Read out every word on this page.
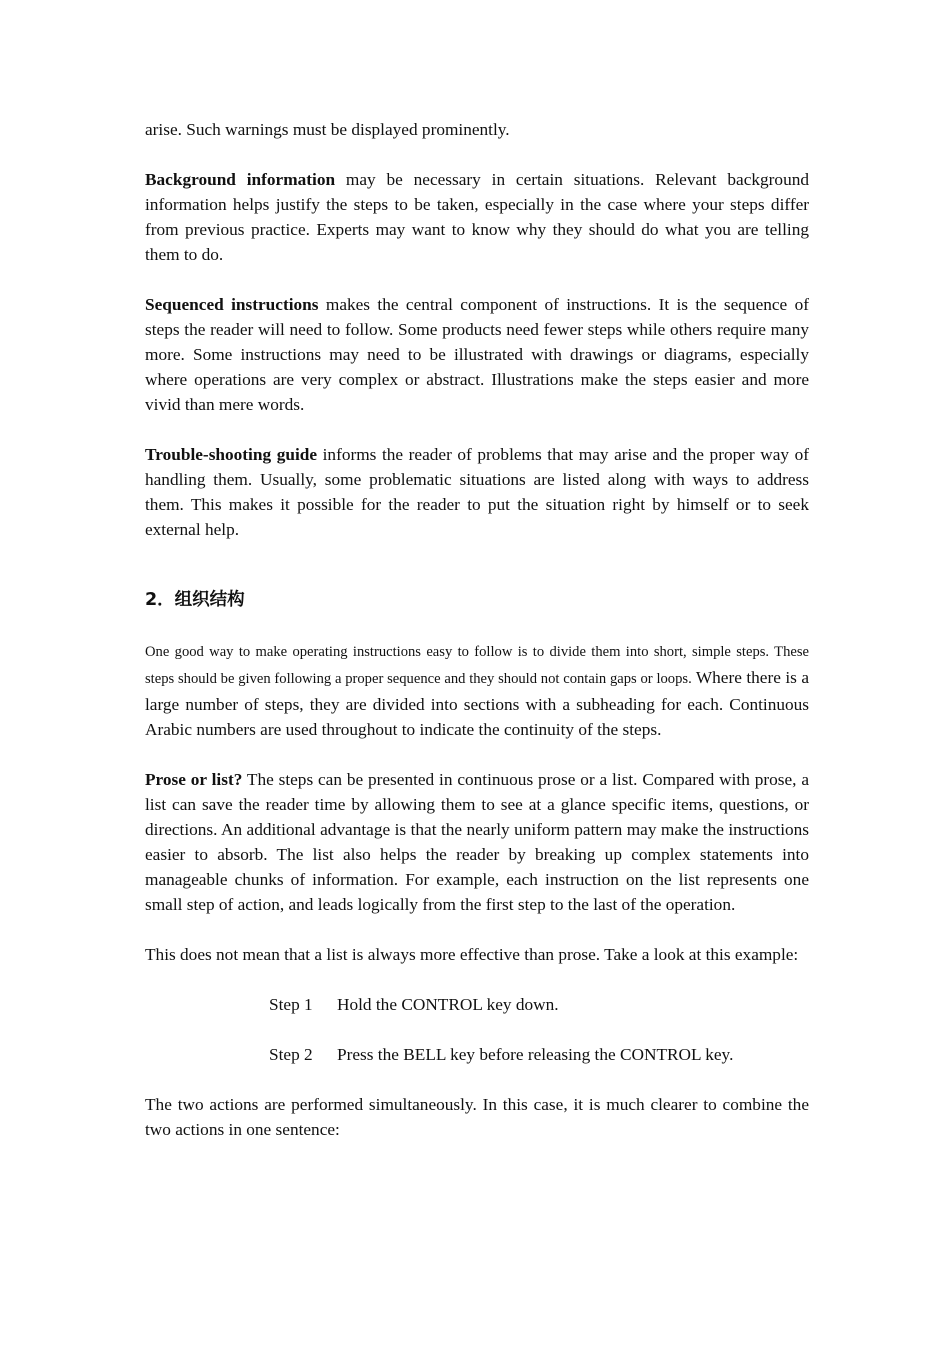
arise. Such warnings must be displayed prominently.

Background information may be necessary in certain situations. Relevant background information helps justify the steps to be taken, especially in the case where your steps differ from previous practice. Experts may want to know why they should do what you are telling them to do.

Sequenced instructions makes the central component of instructions. It is the sequence of steps the reader will need to follow. Some products need fewer steps while others require many more. Some instructions may need to be illustrated with drawings or diagrams, especially where operations are very complex or abstract. Illustrations make the steps easier and more vivid than mere words.

Trouble-shooting guide informs the reader of problems that may arise and the proper way of handling them. Usually, some problematic situations are listed along with ways to address them. This makes it possible for the reader to put the situation right by himself or to seek external help.

2．组织结构

One good way to make operating instructions easy to follow is to divide them into short, simple steps. These steps should be given following a proper sequence and they should not contain gaps or loops. Where there is a large number of steps, they are divided into sections with a subheading for each. Continuous Arabic numbers are used throughout to indicate the continuity of the steps.

Prose or list? The steps can be presented in continuous prose or a list. Compared with prose, a list can save the reader time by allowing them to see at a glance specific items, questions, or directions. An additional advantage is that the nearly uniform pattern may make the instructions easier to absorb. The list also helps the reader by breaking up complex statements into manageable chunks of information. For example, each instruction on the list represents one small step of action, and leads logically from the first step to the last of the operation.

This does not mean that a list is always more effective than prose. Take a look at this example:

Step 1 Hold the CONTROL key down.

Step 2 Press the BELL key before releasing the CONTROL key.

The two actions are performed simultaneously. In this case, it is much clearer to combine the two actions in one sentence:
